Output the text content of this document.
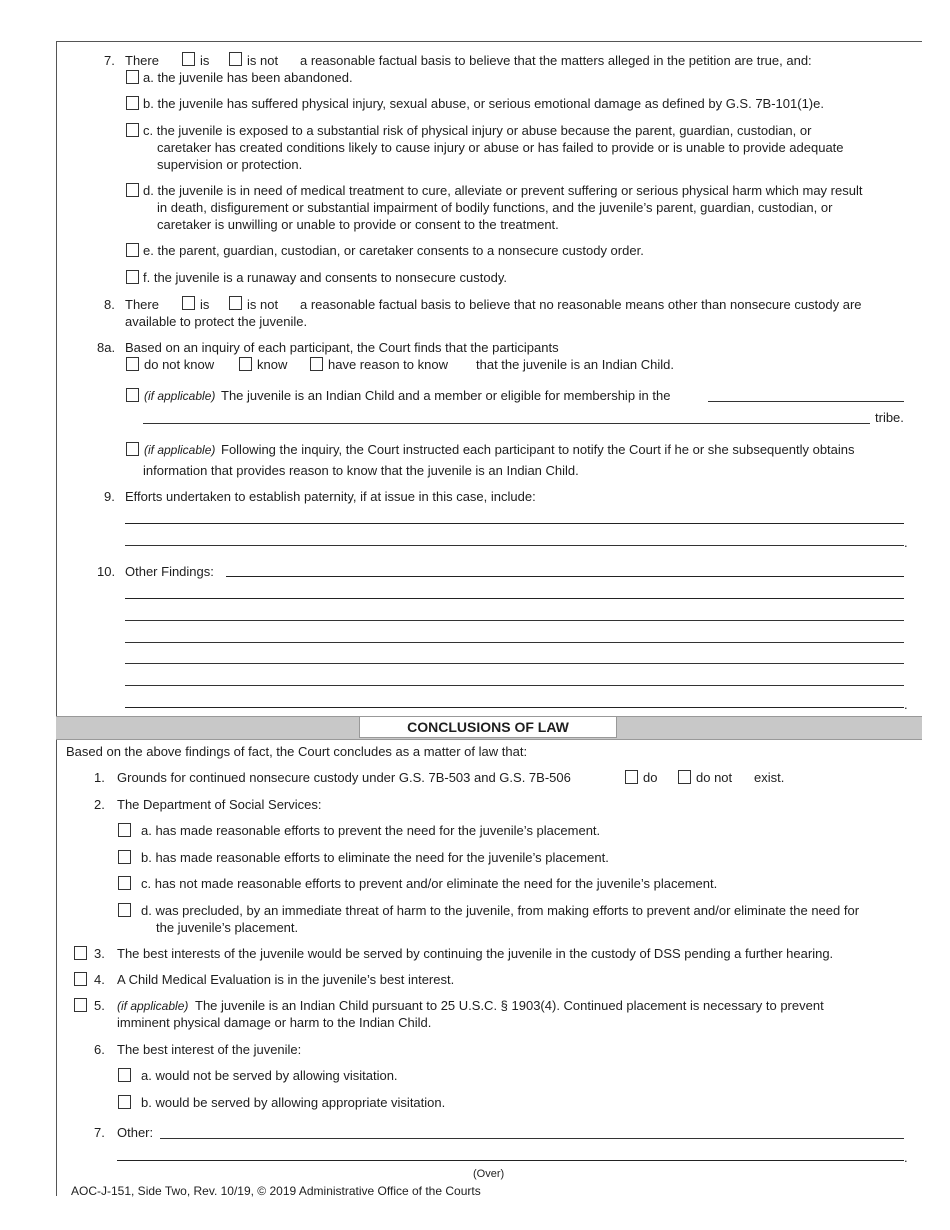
7. There	is	is not a reasonable factual basis to believe that the matters alleged in the petition are true, and:
a. the juvenile has been abandoned.
b. the juvenile has suffered physical injury, sexual abuse, or serious emotional damage as defined by G.S. 7B-101(1)e.
c. the juvenile is exposed to a substantial risk of physical injury or abuse because the parent, guardian, custodian, or
caretaker has created conditions likely to cause injury or abuse or has failed to provide or is unable to provide adequate
supervision or protection.
d. the juvenile is in need of medical treatment to cure, alleviate or prevent suffering or serious physical harm which may result
in death, disfigurement or substantial impairment of bodily functions, and the juvenile’s parent, guardian, custodian, or
caretaker is unwilling or unable to provide or consent to the treatment.
e. the parent, guardian, custodian, or caretaker consents to a nonsecure custody order.
f. the juvenile is a runaway and consents to nonsecure custody.
8. There	is	is not a reasonable factual basis to believe that no reasonable means other than nonsecure custody are
available to protect the juvenile.
8a. Based on an inquiry of each participant, the Court finds that the participants
do not know	know	have reason to know that the juvenile is an Indian Child.
(if applicable) The juvenile is an Indian Child and a member or eligible for membership in the
tribe.
(if applicable) Following the inquiry, the Court instructed each participant to notify the Court if he or she subsequently obtains
information that provides reason to know that the juvenile is an Indian Child.
9. Efforts undertaken to establish paternity, if at issue in this case, include:
.
10. Other Findings:
.
CONCLUSIONS OF LAW
Based on the above findings of fact, the Court concludes as a matter of law that:
1. Grounds for continued nonsecure custody under G.S. 7B-503 and G.S. 7B-506	do	do not exist.
2. The Department of Social Services:
a. has made reasonable efforts to prevent the need for the juvenile’s placement.
b. has made reasonable efforts to eliminate the need for the juvenile’s placement.
c. has not made reasonable efforts to prevent and/or eliminate the need for the juvenile’s placement.
d. was precluded, by an immediate threat of harm to the juvenile, from making efforts to prevent and/or eliminate the need for
the juvenile’s placement.
3. The best interests of the juvenile would be served by continuing the juvenile in the custody of DSS pending a further hearing.
4. A Child Medical Evaluation is in the juvenile’s best interest.
5. (if applicable) The juvenile is an Indian Child pursuant to 25 U.S.C. § 1903(4). Continued placement is necessary to prevent
imminent physical damage or harm to the Indian Child.
6. The best interest of the juvenile:
a. would not be served by allowing visitation.
b. would be served by allowing appropriate visitation.
7. Other:
.
(Over)
AOC-J-151, Side Two, Rev. 10/19, © 2019 Administrative Office of the Courts
